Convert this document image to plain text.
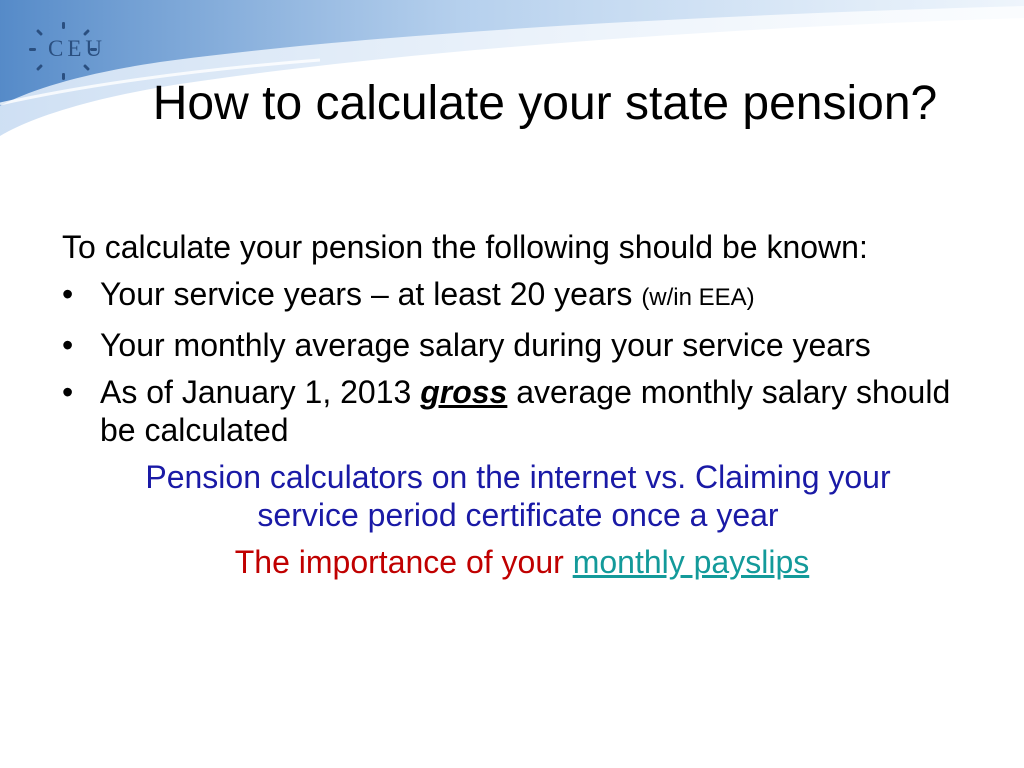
CEU
How to calculate your state pension?

To calculate your pension the following should be known:

• Your service years – at least 20 years (w/in EEA)
• Your monthly average salary during your service years
• As of January 1, 2013 gross average monthly salary should be calculated

Pension calculators on the internet vs. Claiming your service period certificate once a year

The importance of your monthly payslips
